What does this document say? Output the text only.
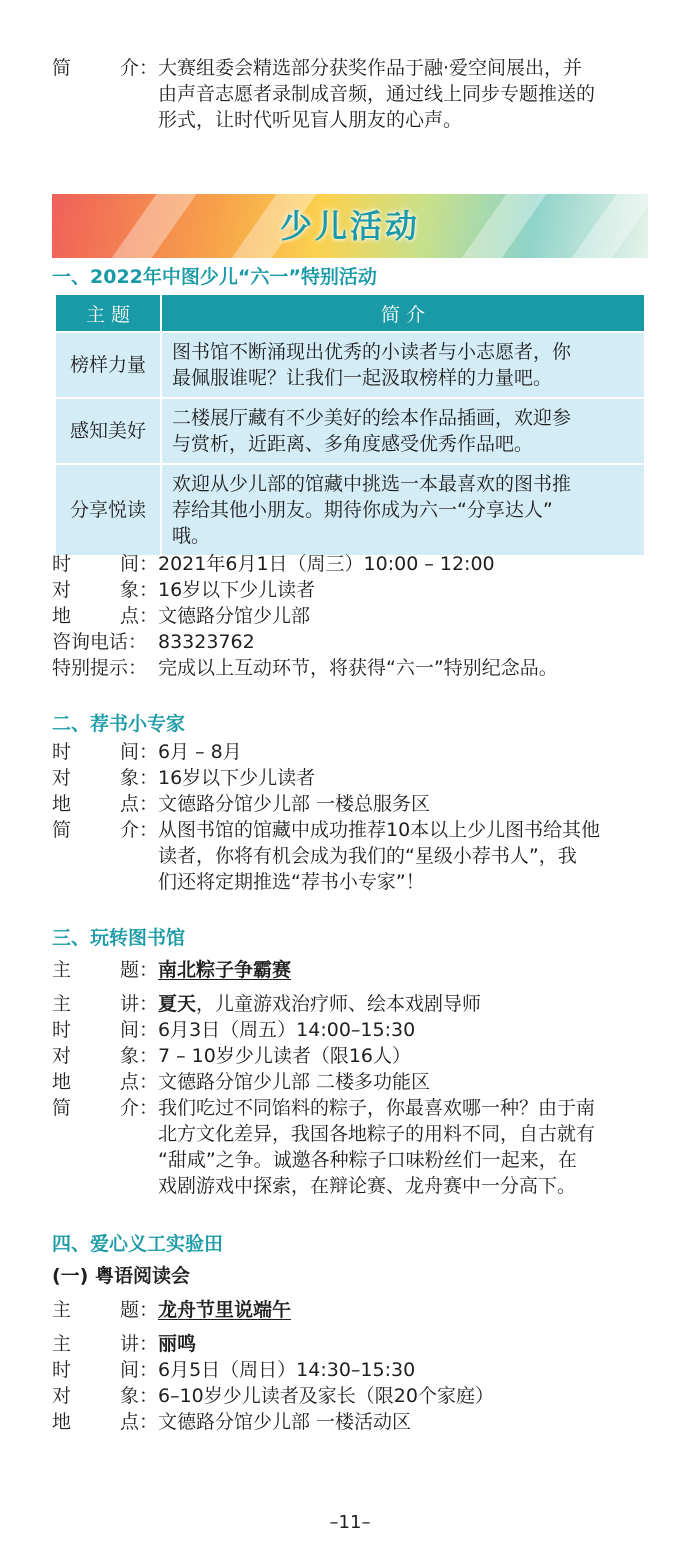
简	介： 大赛组委会精选部分获奖作品于融·爱空间展出，并
由声音志愿者录制成音频，通过线上同步专题推送的
形式，让时代听见盲人朋友的心声。
少儿活动
一、2022年中图少儿“六一”特别活动
主 题	简 介
榜样力量	图书馆不断涌现出优秀的小读者与小志愿者，你
最佩服谁呢？让我们一起汲取榜样的力量吧。

感知美好	二楼展厅藏有不少美好的绘本作品插画，欢迎参
与赏析，近距离、多角度感受优秀作品吧。

分享悦读	欢迎从少儿部的馆藏中挑选一本最喜欢的图书推
荐给其他小朋友。期待你成为六一“分享达人”
哦。
时	间： 2021年6月1日（周三）10:00 – 12:00
对	象： 16岁以下少儿读者
地	点： 文德路分馆少儿部
咨询电话： 83323762
特别提示： 完成以上互动环节，将获得“六一”特别纪念品。
二、荐书小专家
时	间： 6月 – 8月
对	象： 16岁以下少儿读者
地	点： 文德路分馆少儿部 一楼总服务区
简	介： 从图书馆的馆藏中成功推荐10本以上少儿图书给其他
读者，你将有机会成为我们的“星级小荐书人”，我
们还将定期推选“荐书小专家”！
三、玩转图书馆
主	题： 南北粽子争霸赛
主	讲： 夏天，儿童游戏治疗师、绘本戏剧导师
时	间： 6月3日（周五）14:00–15:30
对	象： 7 – 10岁少儿读者（限16人）
地	点： 文德路分馆少儿部 二楼多功能区
简	介： 我们吃过不同馅料的粽子，你最喜欢哪一种？由于南
北方文化差异，我国各地粽子的用料不同，自古就有
“甜咸”之争。诚邀各种粽子口味粉丝们一起来，在
戏剧游戏中探索，在辩论赛、龙舟赛中一分高下。
四、爱心义工实验田
(一) 粤语阅读会
主	题： 龙舟节里说端午
主	讲： 丽鸣
时	间： 6月5日（周日）14:30–15:30
对	象： 6–10岁少儿读者及家长（限20个家庭）
地	点： 文德路分馆少儿部 一楼活动区
–11–
